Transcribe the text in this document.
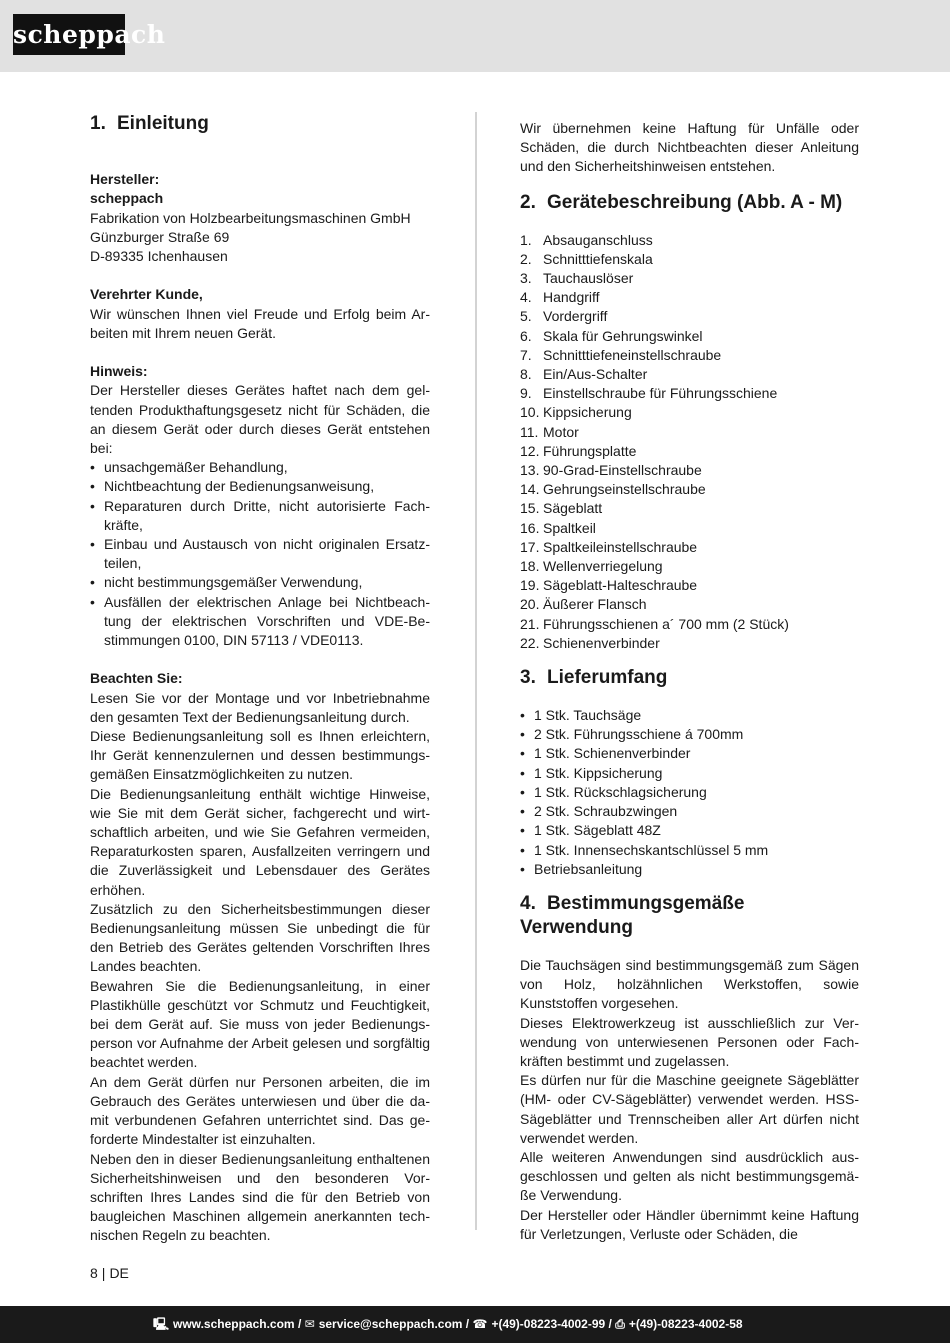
scheppach
1. Einleitung

Hersteller:

scheppach

Fabrikation von Holzbearbeitungsmaschinen GmbH

Günzburger Straße 69

D-89335 Ichenhausen

Verehrter Kunde,

Wir wünschen Ihnen viel Freude und Erfolg beim Arbeiten mit Ihrem neuen Gerät.

Hinweis:

Der Hersteller dieses Gerätes haftet nach dem geltenden Produkthaftungsgesetz nicht für Schäden, die an diesem Gerät oder durch dieses Gerät entstehen bei:

• unsachgemäßer Behandlung,
• Nichtbeachtung der Bedienungsanweisung,
• Reparaturen durch Dritte, nicht autorisierte Fachkräfte,
• Einbau und Austausch von nicht originalen Ersatzteilen,
• nicht bestimmungsgemäßer Verwendung,
• Ausfällen der elektrischen Anlage bei Nichtbeachtung der elektrischen Vorschriften und VDE-Bestimmungen 0100, DIN 57113 / VDE0113.

Beachten Sie:

Lesen Sie vor der Montage und vor Inbetriebnahme den gesamten Text der Bedienungsanleitung durch.

Diese Bedienungsanleitung soll es Ihnen erleichtern, Ihr Gerät kennenzulernen und dessen bestimmungsgemäßen Einsatzmöglichkeiten zu nutzen.

Die Bedienungsanleitung enthält wichtige Hinweise, wie Sie mit dem Gerät sicher, fachgerecht und wirtschaftlich arbeiten, und wie Sie Gefahren vermeiden, Reparaturkosten sparen, Ausfallzeiten verringern und die Zuverlässigkeit und Lebensdauer des Gerätes erhöhen.

Zusätzlich zu den Sicherheitsbestimmungen dieser Bedienungsanleitung müssen Sie unbedingt die für den Betrieb des Gerätes geltenden Vorschriften Ihres Landes beachten.

Bewahren Sie die Bedienungsanleitung, in einer Plastikhülle geschützt vor Schmutz und Feuchtigkeit, bei dem Gerät auf. Sie muss von jeder Bedienungsperson vor Aufnahme der Arbeit gelesen und sorgfältig beachtet werden.

An dem Gerät dürfen nur Personen arbeiten, die im Gebrauch des Gerätes unterwiesen und über die damit verbundenen Gefahren unterrichtet sind. Das geforderte Mindestalter ist einzuhalten.

Neben den in dieser Bedienungsanleitung enthaltenen Sicherheitshinweisen und den besonderen Vorschriften Ihres Landes sind die für den Betrieb von baugleichen Maschinen allgemein anerkannten technischen Regeln zu beachten.

Wir übernehmen keine Haftung für Unfälle oder Schäden, die durch Nichtbeachten dieser Anleitung und den Sicherheitshinweisen entstehen.

2. Gerätebeschreibung (Abb. A - M)
1. Absauganschluss
2. Schnitttiefenskala
3. Tauchauslöser
4. Handgriff
5. Vordergriff
6. Skala für Gehrungswinkel
7. Schnitttiefeneinstellschraube
8. Ein/Aus-Schalter
9. Einstellschraube für Führungsschiene
10. Kippsicherung
11. Motor
12. Führungsplatte
13. 90-Grad-Einstellschraube
14. Gehrungseinstellschraube
15. Sägeblatt
16. Spaltkeil
17. Spaltkeileinstellschraube
18. Wellenverriegelung
19. Sägeblatt-Halteschraube
20. Äußerer Flansch
21. Führungsschienen a´ 700 mm (2 Stück)
22. Schienenverbinder
3. Lieferumfang
• 1 Stk. Tauchsäge
• 2 Stk. Führungsschiene á 700mm
• 1 Stk. Schienenverbinder
• 1 Stk. Kippsicherung
• 1 Stk. Rückschlagsicherung
• 2 Stk. Schraubzwingen
• 1 Stk. Sägeblatt 48Z
• 1 Stk. Innensechskantschlüssel 5 mm
• Betriebsanleitung
4. Bestimmungsgemäße Verwendung

Die Tauchsägen sind bestimmungsgemäß zum Sägen von Holz, holzähnlichen Werkstoffen, sowie Kunststoffen vorgesehen.

Dieses Elektrowerkzeug ist ausschließlich zur Verwendung von unterwiesenen Personen oder Fachkräften bestimmt und zugelassen.

Es dürfen nur für die Maschine geeignete Sägeblätter (HM- oder CV-Sägeblätter) verwendet werden. HSS-Sägeblätter und Trennscheiben aller Art dürfen nicht verwendet werden.

Alle weiteren Anwendungen sind ausdrücklich ausgeschlossen und gelten als nicht bestimmungsgemäße Verwendung.

Der Hersteller oder Händler übernimmt keine Haftung für Verletzungen, Verluste oder Schäden, die

8 | DE
🖳 www.scheppach.com / ✉ service@scheppach.com / ☎ +(49)-08223-4002-99 / ⎙ +(49)-08223-4002-58
